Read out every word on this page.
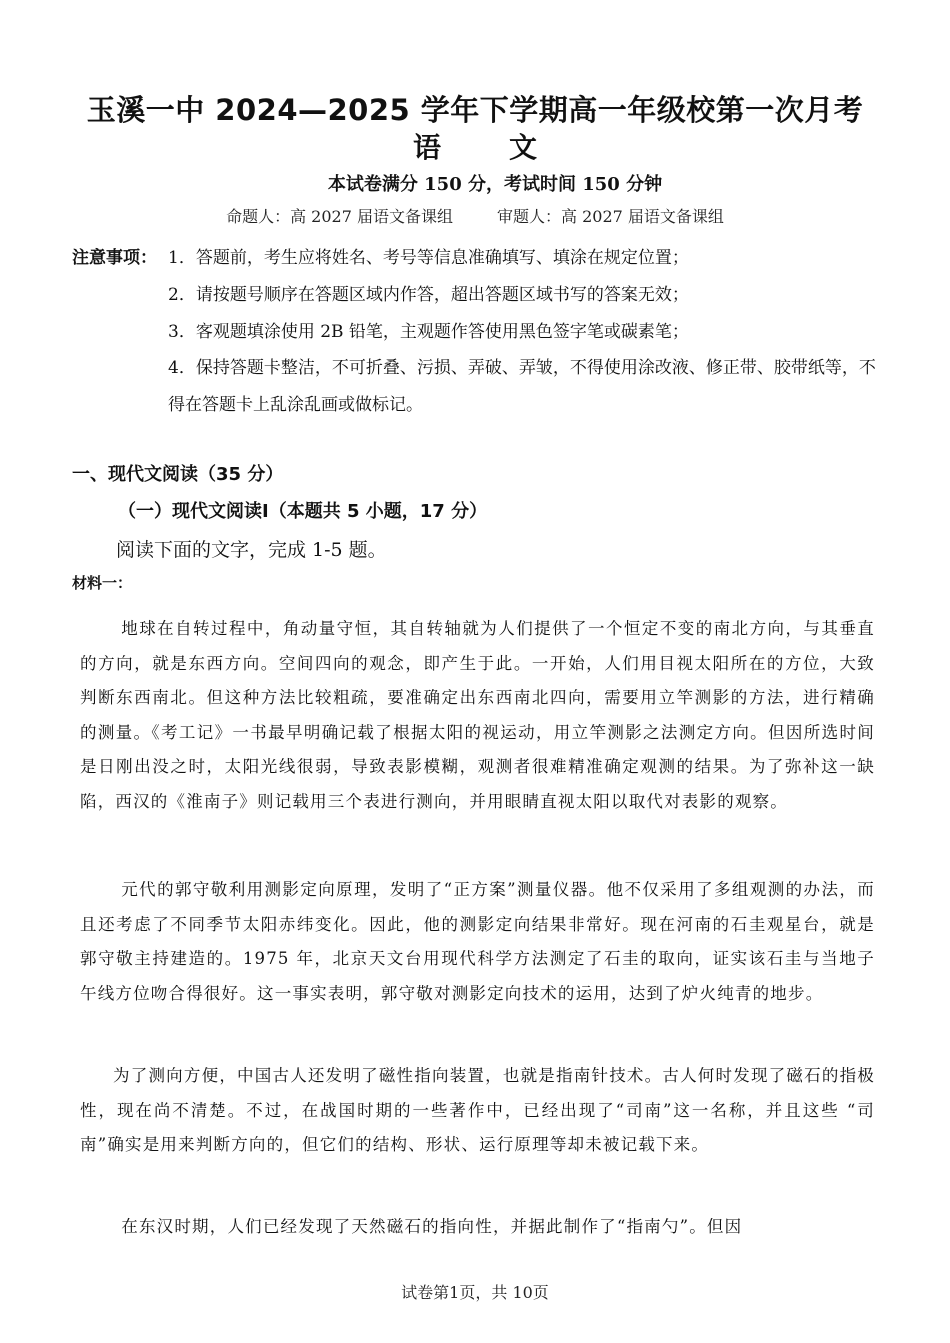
玉溪一中 2024—2025 学年下学期高一年级校第一次月考
语文
本试卷满分 150 分，考试时间 150 分钟
命题人：高 2027 届语文备课组	审题人：高 2027 届语文备课组
注意事项： 1．答题前，考生应将姓名、考号等信息准确填写、填涂在规定位置；
2．请按题号顺序在答题区域内作答，超出答题区域书写的答案无效；
3．客观题填涂使用 2B 铅笔，主观题作答使用黑色签字笔或碳素笔；
4．保持答题卡整洁，不可折叠、污损、弄破、弄皱，不得使用涂改液、修正带、胶带纸等，不得在答题卡上乱涂乱画或做标记。
一、现代文阅读（35 分）
（一）现代文阅读Ⅰ（本题共 5 小题，17 分）
阅读下面的文字，完成 1-5 题。
材料一：
地球在自转过程中，角动量守恒，其自转轴就为人们提供了一个恒定不变的南北方向，与其垂直的方向，就是东西方向。空间四向的观念，即产生于此。一开始，人们用目视太阳所在的方位，大致判断东西南北。但这种方法比较粗疏，要准确定出东西南北四向，需要用立竿测影的方法，进行精确的测量。《考工记》一书最早明确记载了根据太阳的视运动，用立竿测影之法测定方向。但因所选时间是日刚出没之时，太阳光线很弱，导致表影模糊，观测者很难精准确定观测的结果。为了弥补这一缺陷，西汉的《淮南子》则记载用三个表进行测向，并用眼睛直视太阳以取代对表影的观察。
元代的郭守敬利用测影定向原理，发明了“正方案”测量仪器。他不仅采用了多组观测的办法，而且还考虑了不同季节太阳赤纬变化。因此，他的测影定向结果非常好。现在河南的石圭观星台，就是郭守敬主持建造的。1975 年，北京天文台用现代科学方法测定了石圭的取向，证实该石圭与当地子午线方位吻合得很好。这一事实表明，郭守敬对测影定向技术的运用，达到了炉火纯青的地步。
为了测向方便，中国古人还发明了磁性指向装置，也就是指南针技术。古人何时发现了磁石的指极性，现在尚不清楚。不过，在战国时期的一些著作中，已经出现了“司南”这一名称，并且这些 “司南”确实是用来判断方向的，但它们的结构、形状、运行原理等却未被记载下来。
在东汉时期，人们已经发现了天然磁石的指向性，并据此制作了“指南勺”。但因
试卷第1页，共 10页
